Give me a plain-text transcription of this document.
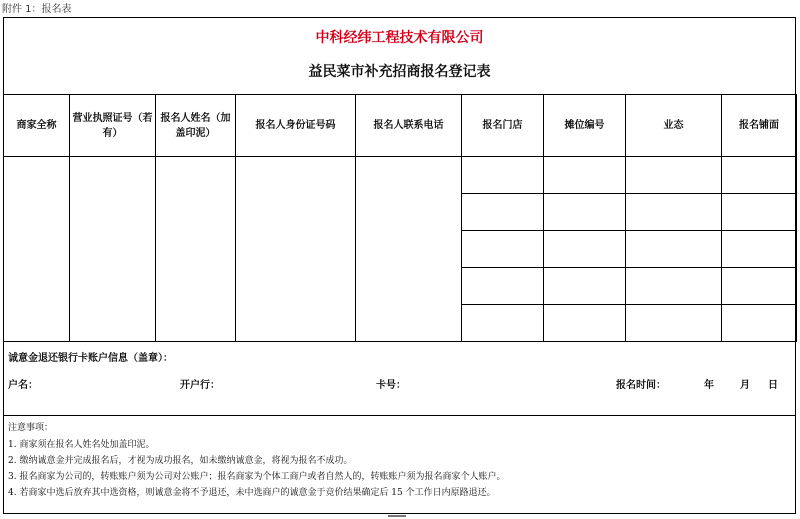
附件 1：报名表
中科经纬工程技术有限公司
益民菜市补充招商报名登记表
商家全称	营业执照证号（若有）	报名人姓名（加盖印泥）	报名人身份证号码	报名人联系电话	报名门店	摊位编号	业态	报名铺面

诚意金退还银行卡账户信息（盖章）：
户名：	开户行：	卡号：	报名时间：	年	月 日
注意事项：
1. 商家须在报名人姓名处加盖印泥。
2. 缴纳诚意金并完成报名后，才视为成功报名，如未缴纳诚意金，将视为报名不成功。
3. 报名商家为公司的，转账账户须为公司对公账户；报名商家为个体工商户或者自然人的，转账账户须为报名商家个人账户。
4. 若商家中选后放弃其中选资格，则诚意金将不予退还，未中选商户的诚意金于竞价结果确定后 15 个工作日内原路退还。
